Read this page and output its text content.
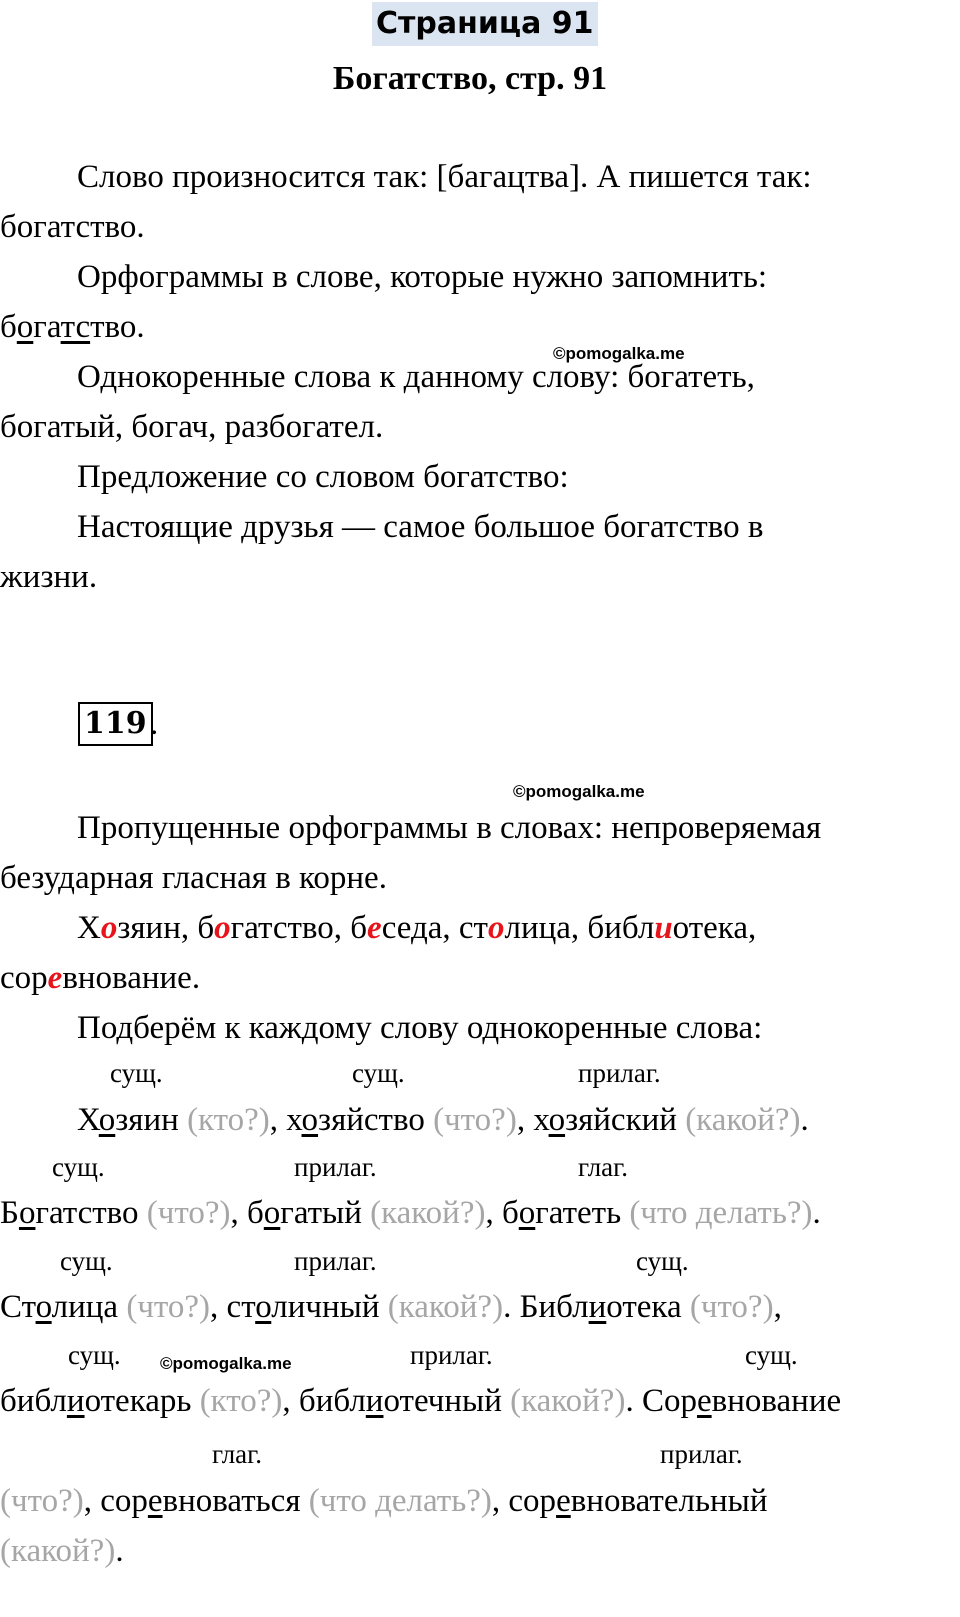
Страница 91
Богатство, стр. 91
Слово произносится так: [багацтва]. А пишется так:
богатство.
Орфограммы в слове, которые нужно запомнить:
богатство.
©pomogalka.me
Однокоренные слова к данному слову: богатеть,
богатый, богач, разбогател.
Предложение со словом богатство:
Настоящие друзья — самое большое богатство в
жизни.
119 .
©pomogalka.me
Пропущенные орфограммы в словах: непроверяемая
безударная гласная в корне.
Хозяин, богатство, беседа, столица, библиотека,
соревнование.
Подберём к каждому слову однокоренные слова:
сущ.	сущ.	прилаг.
Хозяин (кто?), хозяйство (что?), хозяйский (какой?).
сущ.	прилаг.	глаг.
Богатство (что?), богатый (какой?), богатеть (что делать?).
сущ.	прилаг.	сущ.
Столица (что?), столичный (какой?). Библиотека (что?),
сущ. ©pomogalka.me	прилаг.	сущ.
библиотекарь (кто?), библиотечный (какой?). Соревнование
глаг.	прилаг.
(что?), соревноваться (что делать?), соревновательный
(какой?).
